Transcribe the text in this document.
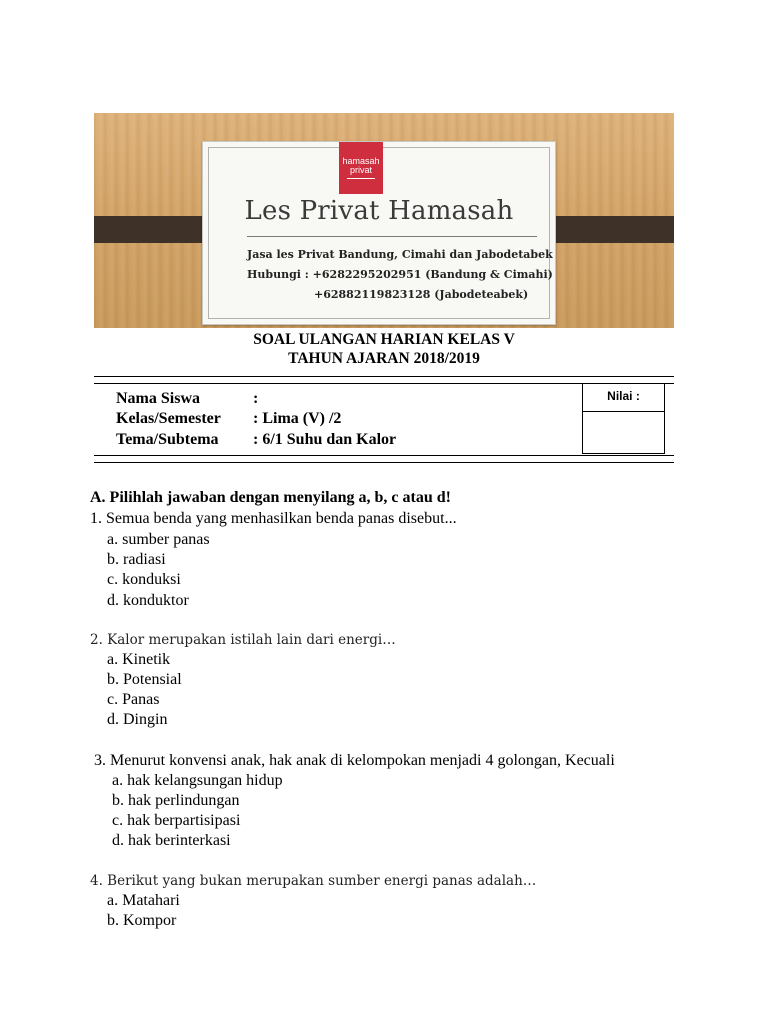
hamasah
privat
Les Privat Hamasah
Jasa les Privat Bandung, Cimahi dan Jabodetabek
Hubungi : +6282295202951 (Bandung & Cimahi)
+62882119823128 (Jabodeteabek)
SOAL ULANGAN HARIAN KELAS V
TAHUN AJARAN 2018/2019
Nama Siswa	:
Kelas/Semester : Lima (V) /2
Tema/Subtema : 6/1 Suhu dan Kalor
Nilai :
A. Pilihlah jawaban dengan menyilang a, b, c atau d!
1. Semua benda yang menhasilkan benda panas disebut...
a. sumber panas
b. radiasi
c. konduksi
d. konduktor
2. Kalor merupakan istilah lain dari energi…
a. Kinetik
b. Potensial
c. Panas
d. Dingin
3. Menurut konvensi anak, hak anak di kelompokan menjadi 4 golongan, Kecuali
a. hak kelangsungan hidup
b. hak perlindungan
c. hak berpartisipasi
d. hak berinterkasi
4. Berikut yang bukan merupakan sumber energi panas adalah…
a. Matahari
b. Kompor
